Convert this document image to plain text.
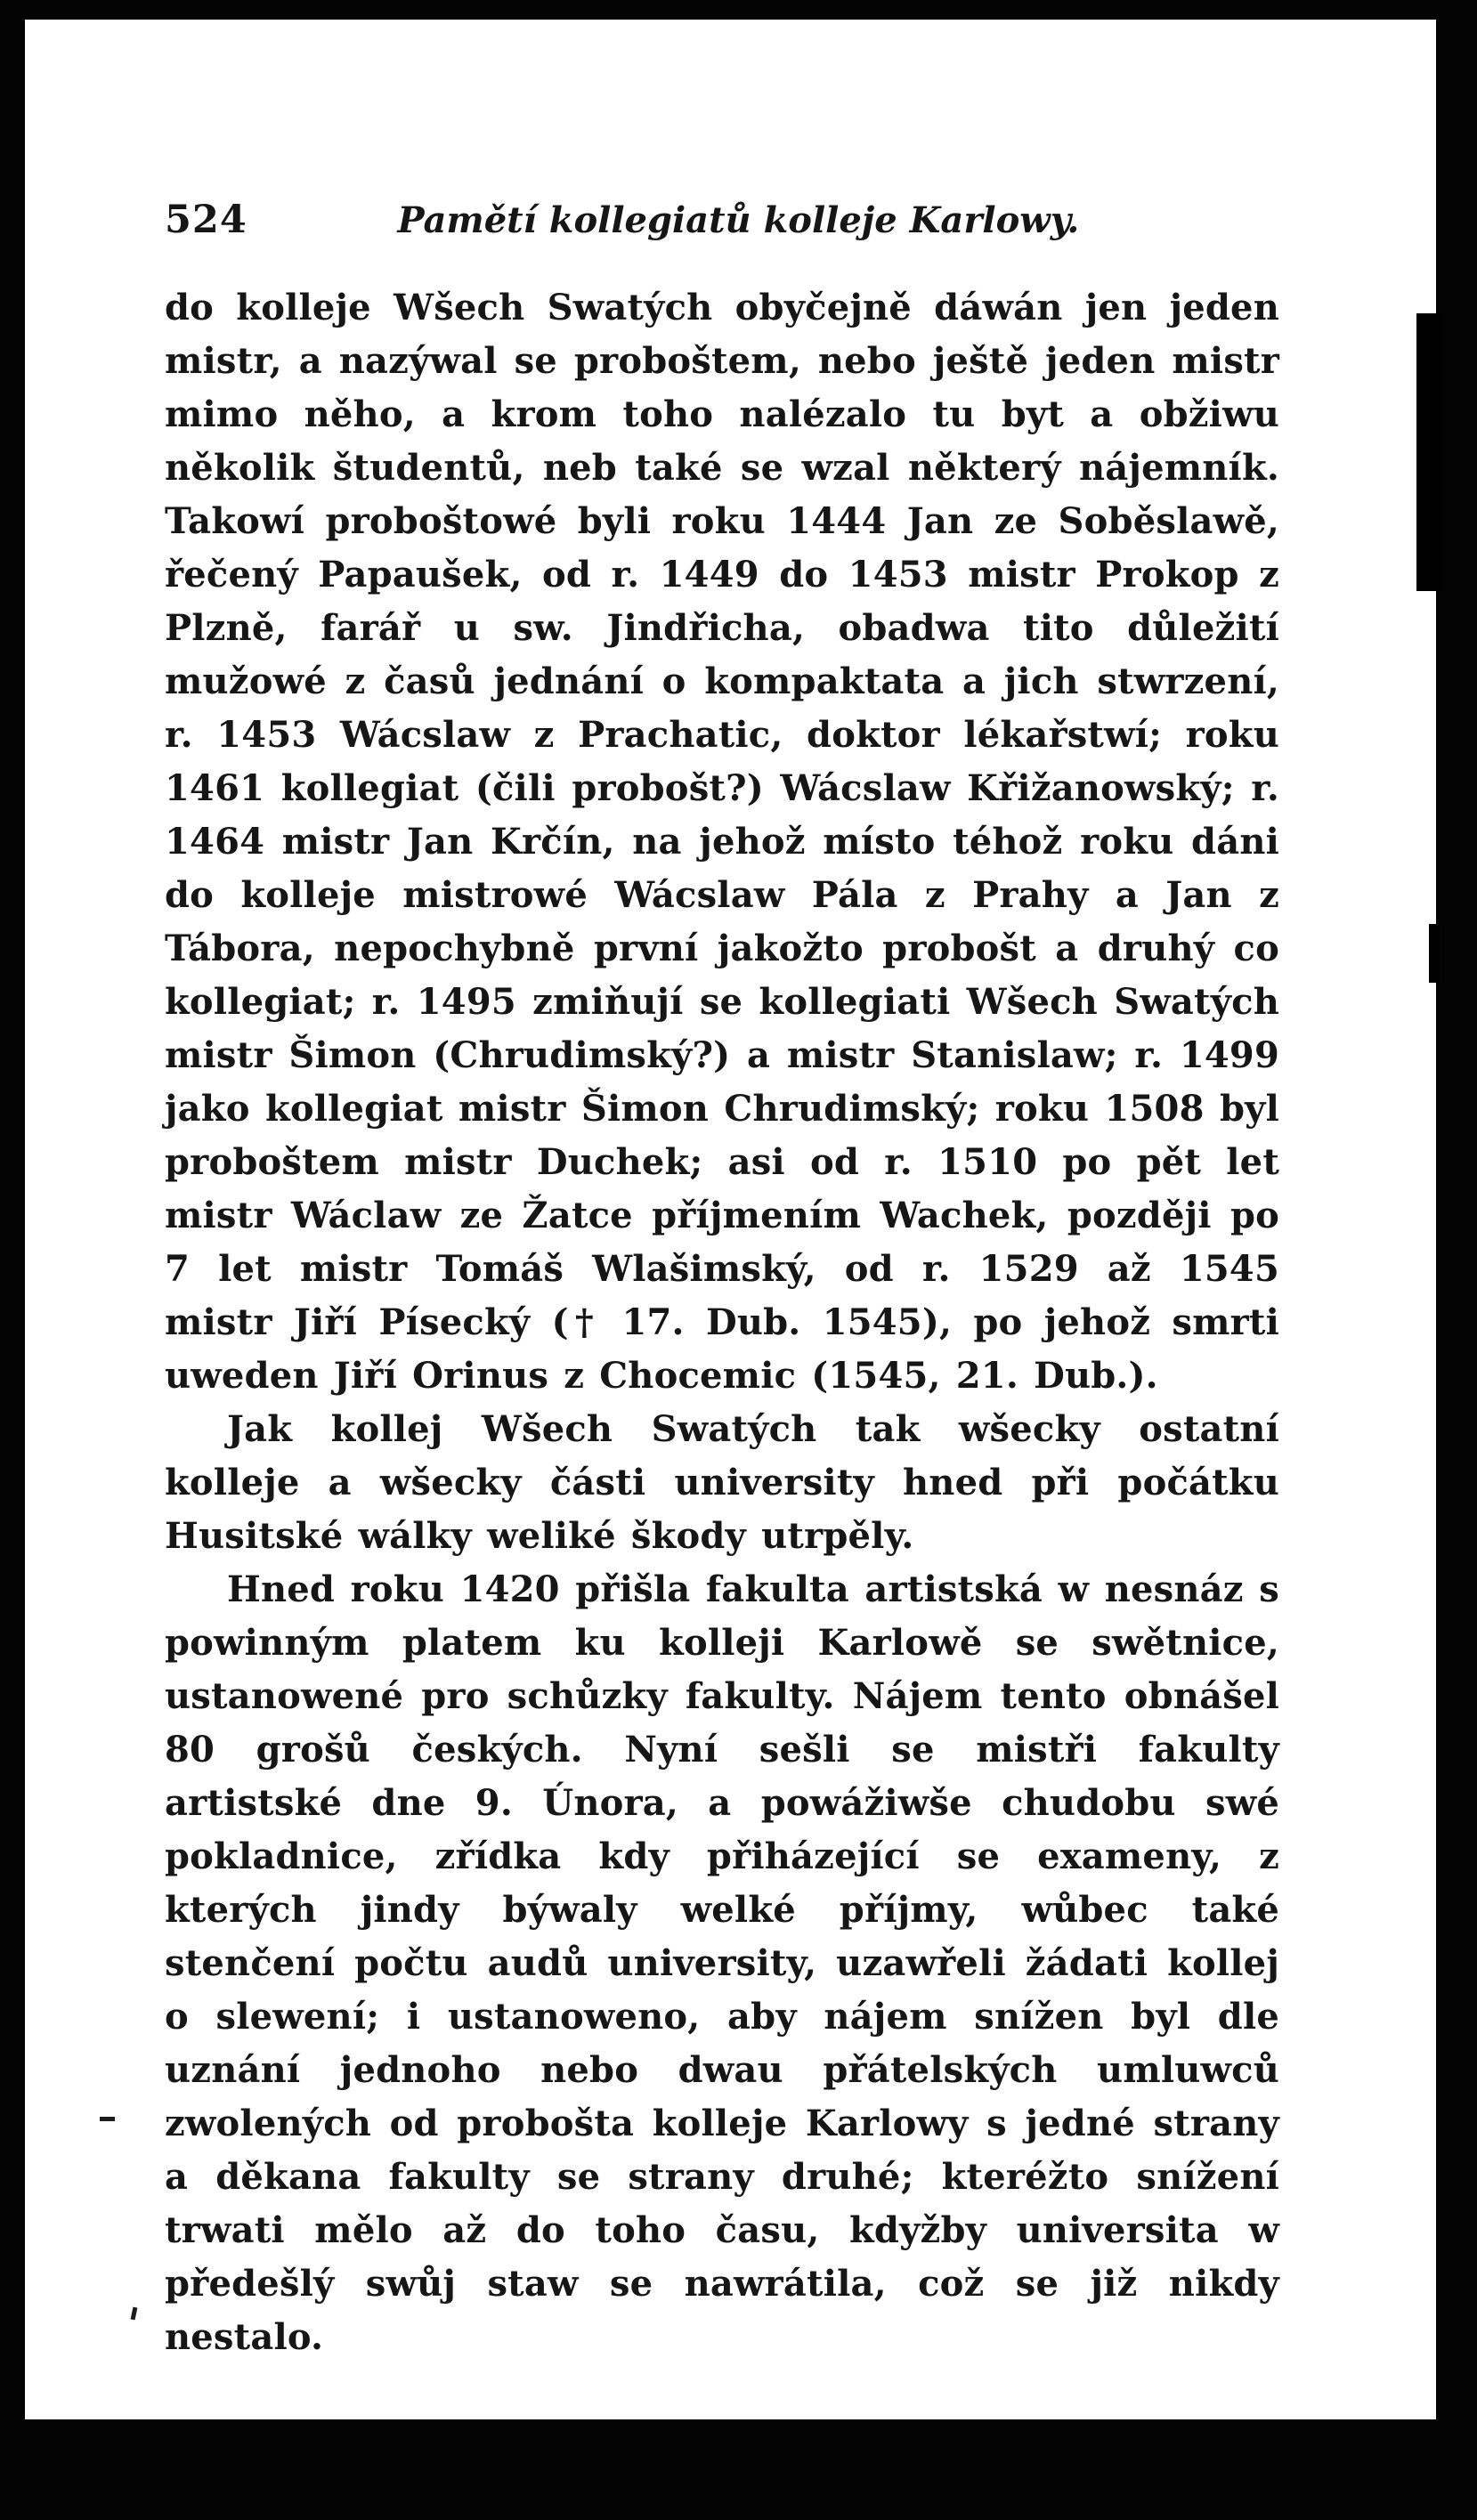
524	Pamětí kollegiatů kolleje Karlowy.

do kolleje Wšech Swatých obyčejně dáwán jen jeden mistr, a nazýwal se proboštem, nebo ještě jeden mistr mimo něho, a krom toho nalézalo tu byt a obžiwu několik študentů, neb také se wzal některý nájemník. Takowí proboštowé byli roku 1444 Jan ze Soběslawě, řečený Papaušek, od r. 1449 do 1453 mistr Prokop z Plzně, farář u sw. Jindřicha, obadwa tito důležití mužowé z časů jednání o kompaktata a jich stwrzení, r. 1453 Wácslaw z Prachatic, doktor lékařstwí; roku 1461 kollegiat (čili probošt?) Wácslaw Křižanowský; r. 1464 mistr Jan Krčín, na jehož místo téhož roku dáni do kolleje mistrowé Wácslaw Pála z Prahy a Jan z Tábora, nepochybně první jakožto probošt a druhý co kollegiat; r. 1495 zmiňují se kollegiati Wšech Swatých mistr Šimon (Chrudimský?) a mistr Stanislaw; r. 1499 jako kollegiat mistr Šimon Chrudimský; roku 1508 byl proboštem mistr Duchek; asi od r. 1510 po pět let mistr Wáclaw ze Žatce příjmením Wachek, později po 7 let mistr Tomáš Wlašimský, od r. 1529 až 1545 mistr Jiří Písecký († 17. Dub. 1545), po jehož smrti uweden Jiří Orinus z Chocemic (1545, 21. Dub.).

Jak kollej Wšech Swatých tak wšecky ostatní kolleje a wšecky části university hned při počátku Husitské wálky weliké škody utrpěly.

Hned roku 1420 přišla fakulta artistská w nesnáz s powinným platem ku kolleji Karlowě se swětnice, ustanowené pro schůzky fakulty. Nájem tento obnášel 80 grošů českých. Nyní sešli se mistři fakulty artistské dne 9. Února, a powážiwše chudobu swé pokladnice, zřídka kdy přiházející se exameny, z kterých jindy býwaly welké příjmy, wůbec také stenčení počtu audů university, uzawřeli žádati kollej o slewení; i ustanoweno, aby nájem snížen byl dle uznání jednoho nebo dwau přátelských umluwců zwolených od probošta kolleje Karlowy s jedné strany a děkana fakulty se strany druhé; kteréžto snížení trwati mělo až do toho času, kdyžby universita w předešlý swůj staw se nawrátila, což se již nikdy nestalo.
